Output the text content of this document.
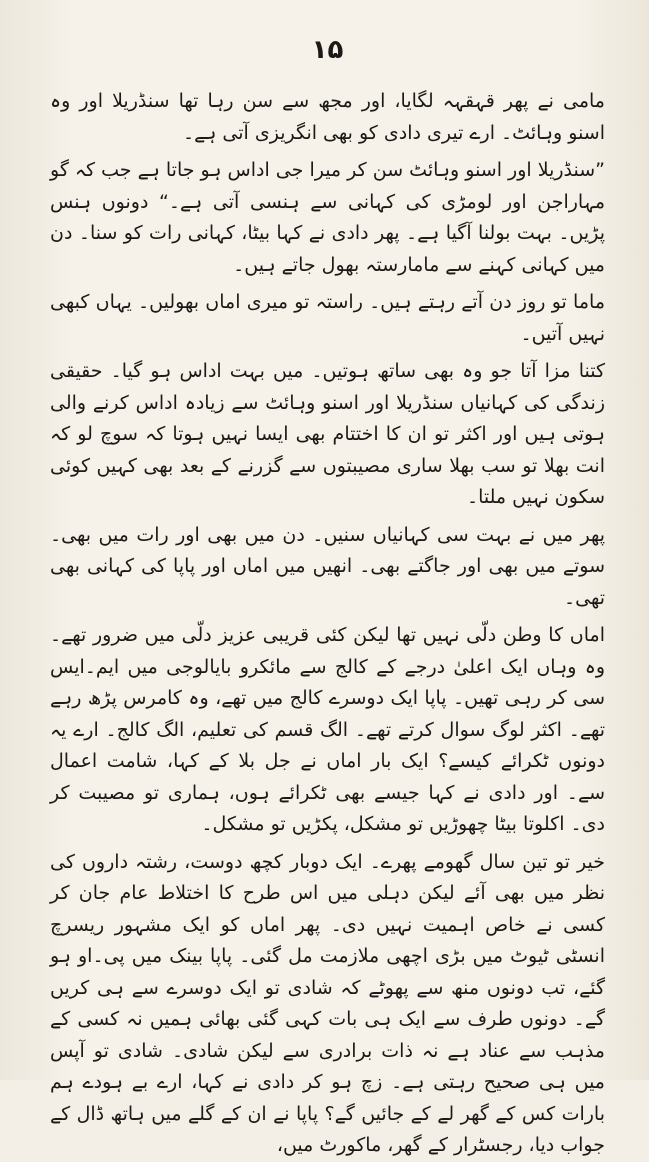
۱۵

مامی نے پھر قہقہہ لگایا، اور مجھ سے سن رہا تھا سنڈریلا اور وہ اسنو وہائٹ۔ ارے تیری دادی کو بھی انگریزی آتی ہے۔

”سنڈریلا اور اسنو وہائٹ سن کر میرا جی اداس ہو جاتا ہے جب کہ گو مہاراجن اور لومڑی کی کہانی سے ہنسی آتی ہے۔“ دونوں ہنس پڑیں۔ بہت بولنا آگیا ہے۔ پھر دادی نے کہا بیٹا، کہانی رات کو سنا۔ دن میں کہانی کہنے سے مامارستہ بھول جاتے ہیں۔

ماما تو روز دن آتے رہتے ہیں۔ راستہ تو میری اماں بھولیں۔ یہاں کبھی نہیں آتیں۔

کتنا مزا آتا جو وہ بھی ساتھ ہوتیں۔ میں بہت اداس ہو گیا۔ حقیقی زندگی کی کہانیاں سنڈریلا اور اسنو وہائٹ سے زیادہ اداس کرنے والی ہوتی ہیں اور اکثر تو ان کا اختتام بھی ایسا نہیں ہوتا کہ سوچ لو کہ انت بھلا تو سب بھلا ساری مصیبتوں سے گزرنے کے بعد بھی کہیں کوئی سکون نہیں ملتا۔

پھر میں نے بہت سی کہانیاں سنیں۔ دن میں بھی اور رات میں بھی۔ سوتے میں بھی اور جاگتے بھی۔ انھیں میں اماں اور پاپا کی کہانی بھی تھی۔

اماں کا وطن دلّی نہیں تھا لیکن کئی قریبی عزیز دلّی میں ضرور تھے۔ وہ وہاں ایک اعلیٰ درجے کے کالج سے مائکرو بایالوجی میں ایم۔ایس سی کر رہی تھیں۔ پاپا ایک دوسرے کالج میں تھے، وہ کامرس پڑھ رہے تھے۔ اکثر لوگ سوال کرتے تھے۔ الگ قسم کی تعلیم، الگ کالج۔ ارے یہ دونوں ٹکرائے کیسے؟ ایک بار اماں نے جل بلا کے کہا، شامت اعمال سے۔ اور دادی نے کہا جیسے بھی ٹکرائے ہوں، ہماری تو مصیبت کر دی۔ اکلوتا بیٹا چھوڑیں تو مشکل، پکڑیں تو مشکل۔

خیر تو تین سال گھومے پھرے۔ ایک دوبار کچھ دوست، رشتہ داروں کی نظر میں بھی آئے لیکن دہلی میں اس طرح کا اختلاط عام جان کر کسی نے خاص اہمیت نہیں دی۔ پھر اماں کو ایک مشہور ریسرچ انسٹی ٹیوٹ میں بڑی اچھی ملازمت مل گئی۔ پاپا بینک میں پی۔او ہو گئے، تب دونوں منھ سے پھوٹے کہ شادی تو ایک دوسرے سے ہی کریں گے۔ دونوں طرف سے ایک ہی بات کہی گئی بھائی ہمیں نہ کسی کے مذہب سے عناد ہے نہ ذات برادری سے لیکن شادی۔ شادی تو آپس میں ہی صحیح رہتی ہے۔ زچ ہو کر دادی نے کہا، ارے بے ہودے ہم بارات کس کے گھر لے کے جائیں گے؟ پاپا نے ان کے گلے میں ہاتھ ڈال کے جواب دیا، رجسٹرار کے گھر، ماکورٹ میں،
